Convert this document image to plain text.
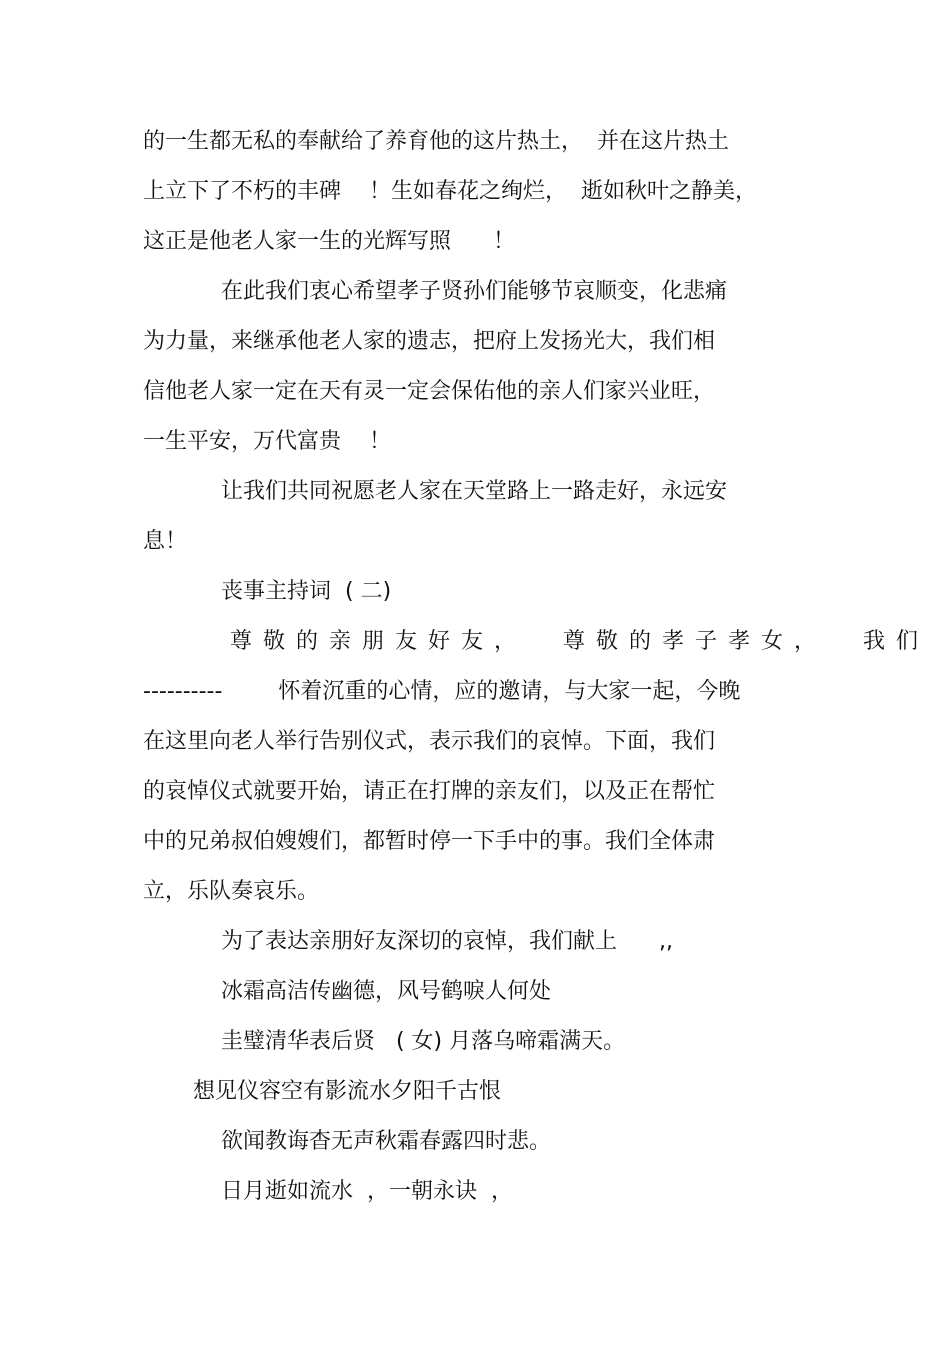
的一生都无私的奉献给了养育他的这片热土，  并在这片热土

上立下了不朽的丰碑    ！生如春花之绚烂，  逝如秋叶之静美，

这正是他老人家一生的光辉写照      ！

在此我们衷心希望孝子贤孙们能够节哀顺变，化悲痛

为力量，来继承他老人家的遗志，把府上发扬光大，我们相

信他老人家一定在天有灵一定会保佑他的亲人们家兴业旺，

一生平安，万代富贵    ！

让我们共同祝愿老人家在天堂路上一路走好，永远安

息！

丧事主持词  ( 二)

尊敬的亲朋友好友，  尊敬的孝子孝女，  我们

----------        怀着沉重的心情，应的邀请，与大家一起，今晚

在这里向老人举行告别仪式，表示我们的哀悼。下面，我们

的哀悼仪式就要开始，请正在打牌的亲友们，以及正在帮忙

中的兄弟叔伯嫂嫂们，都暂时停一下手中的事。我们全体肃

立，乐队奏哀乐。

为了表达亲朋好友深切的哀悼，我们献上      ,,

冰霜高洁传幽德，风号鹤唳人何处

圭璧清华表后贤   ( 女) 月落乌啼霜满天。

想见仪容空有影流水夕阳千古恨

欲闻教诲杳无声秋霜春露四时悲。

日月逝如流水  ，一朝永诀  ，
